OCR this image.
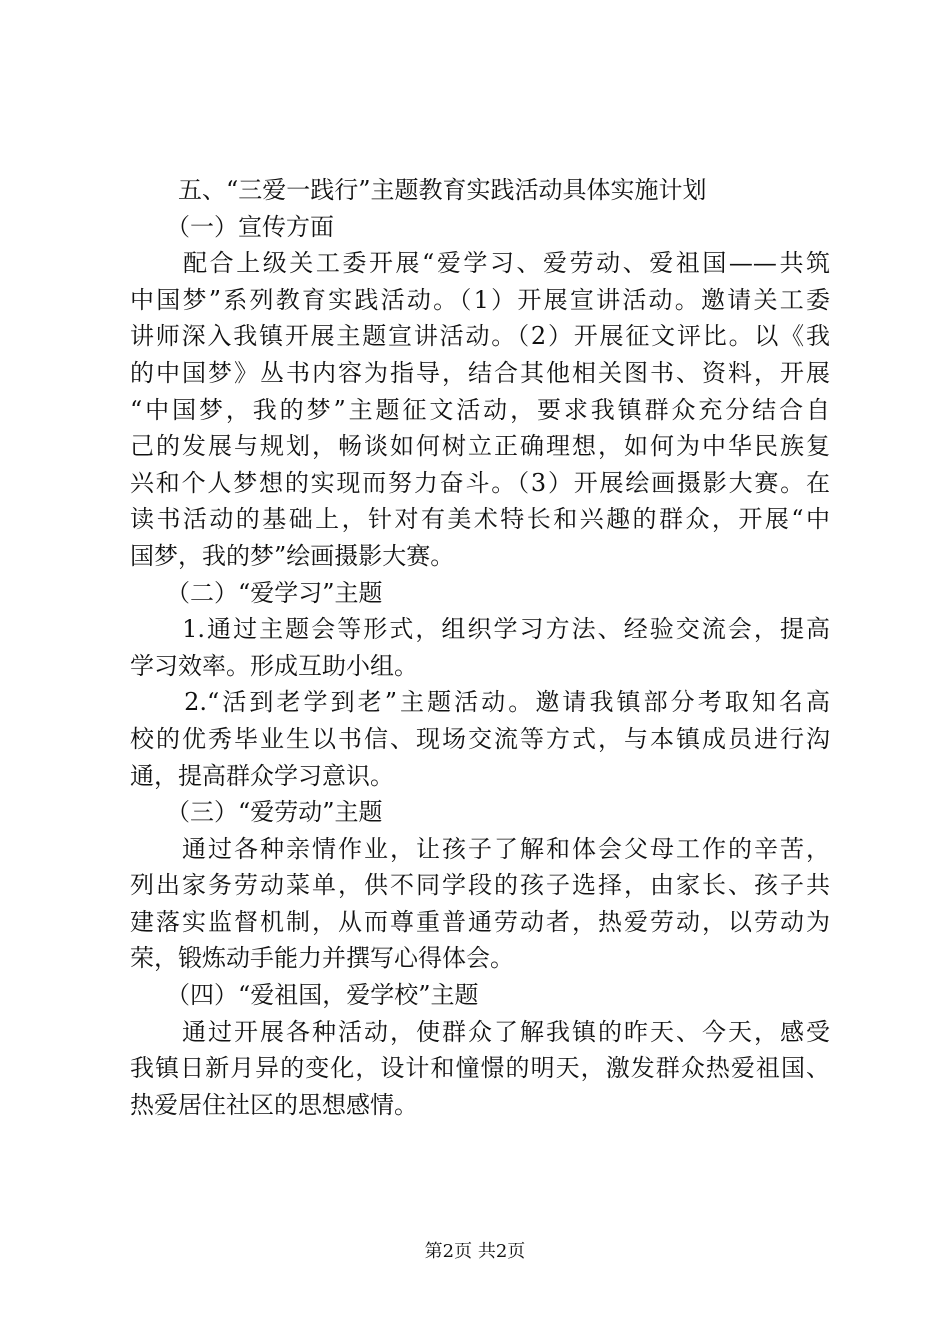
　　五、“三爱一践行”主题教育实践活动具体实施计划
　　（一）宣传方面
　　配合上级关工委开展“爱学习、爱劳动、爱祖国——共筑
中国梦”系列教育实践活动。（1）开展宣讲活动。邀请关工委
讲师深入我镇开展主题宣讲活动。（2）开展征文评比。以《我
的中国梦》丛书内容为指导，结合其他相关图书、资料，开展
“中国梦，我的梦”主题征文活动，要求我镇群众充分结合自
己的发展与规划，畅谈如何树立正确理想，如何为中华民族复
兴和个人梦想的实现而努力奋斗。（3）开展绘画摄影大赛。在
读书活动的基础上，针对有美术特长和兴趣的群众，开展“中
国梦，我的梦”绘画摄影大赛。
　　（二）“爱学习”主题
　　1.通过主题会等形式，组织学习方法、经验交流会，提高
学习效率。形成互助小组。
　　2.“活到老学到老”主题活动。邀请我镇部分考取知名高
校的优秀毕业生以书信、现场交流等方式，与本镇成员进行沟
通，提高群众学习意识。
　　（三）“爱劳动”主题
　　通过各种亲情作业，让孩子了解和体会父母工作的辛苦，
列出家务劳动菜单，供不同学段的孩子选择，由家长、孩子共
建落实监督机制，从而尊重普通劳动者，热爱劳动，以劳动为
荣，锻炼动手能力并撰写心得体会。
　　（四）“爱祖国，爱学校”主题
　　通过开展各种活动，使群众了解我镇的昨天、今天，感受
我镇日新月异的变化，设计和憧憬的明天，激发群众热爱祖国、
热爱居住社区的思想感情。
第2页 共2页
